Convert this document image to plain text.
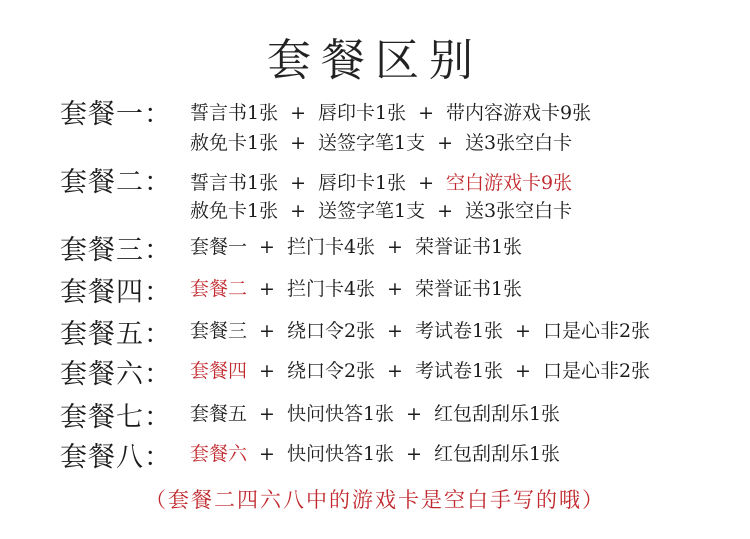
套餐区别
套餐一： 誓言书1张 + 唇印卡1张 + 带内容游戏卡9张
赦免卡1张 + 送签字笔1支 + 送3张空白卡
套餐二： 誓言书1张 + 唇印卡1张 + 空白游戏卡9张
赦免卡1张 + 送签字笔1支 + 送3张空白卡
套餐三： 套餐一 + 拦门卡4张 + 荣誉证书1张
套餐四： 套餐二 + 拦门卡4张 + 荣誉证书1张
套餐五： 套餐三 + 绕口令2张 + 考试卷1张 + 口是心非2张
套餐六： 套餐四 + 绕口令2张 + 考试卷1张 + 口是心非2张
套餐七： 套餐五 + 快问快答1张 + 红包刮刮乐1张
套餐八： 套餐六 + 快问快答1张 + 红包刮刮乐1张
（套餐二四六八中的游戏卡是空白手写的哦）
